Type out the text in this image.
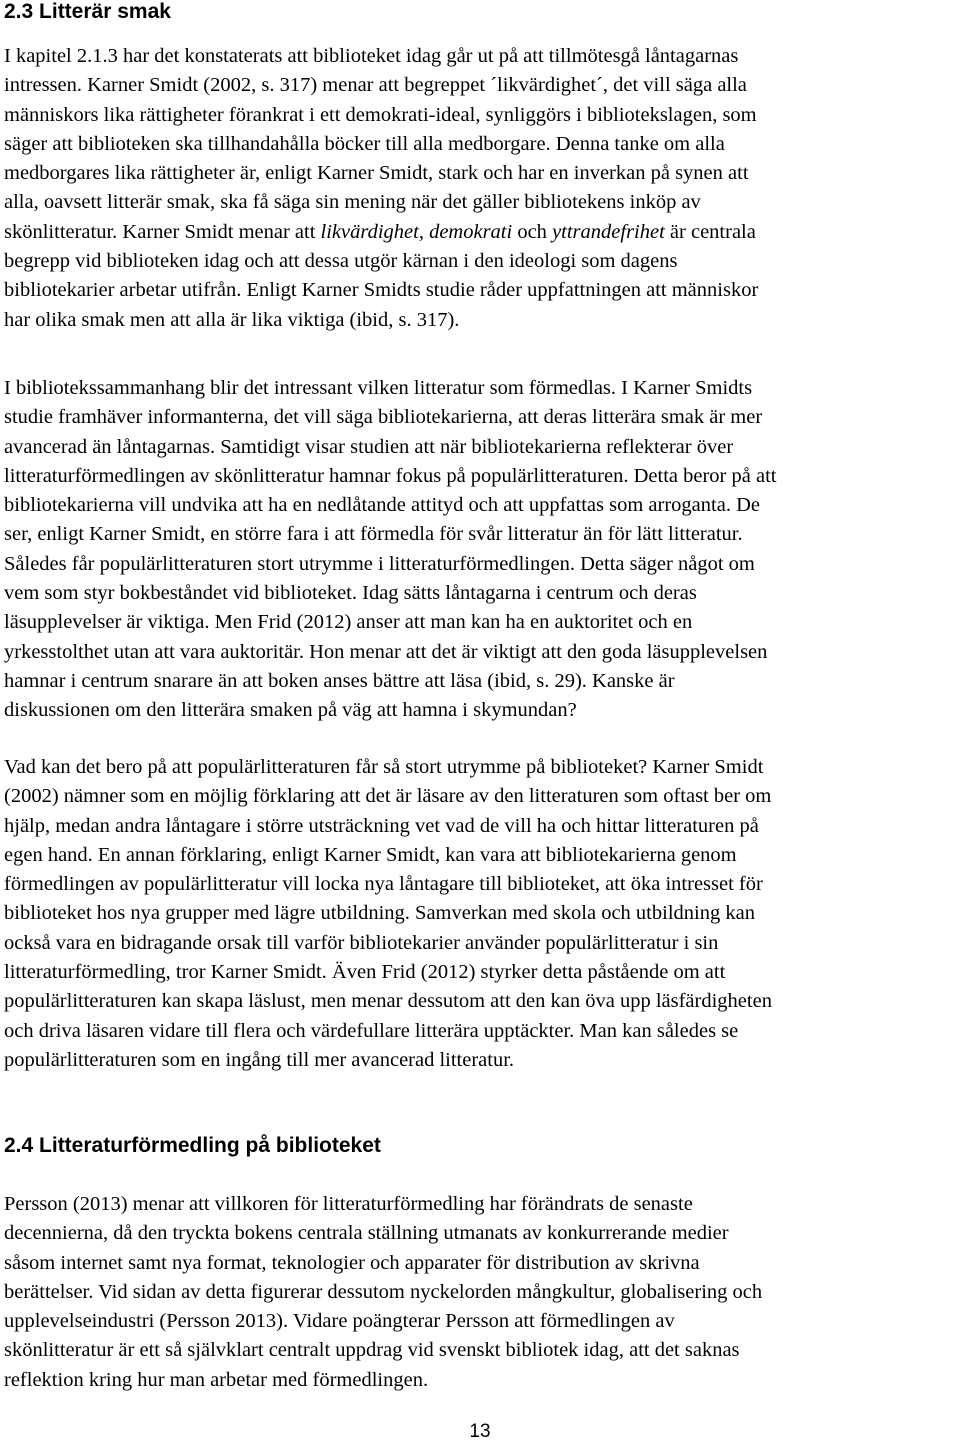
2.3 Litterär smak

I kapitel 2.1.3 har det konstaterats att biblioteket idag går ut på att tillmötesgå låntagarnas
intressen. Karner Smidt (2002, s. 317) menar att begreppet ´likvärdighet´, det vill säga alla
människors lika rättigheter förankrat i ett demokrati-ideal, synliggörs i bibliotekslagen, som
säger att biblioteken ska tillhandahålla böcker till alla medborgare. Denna tanke om alla
medborgares lika rättigheter är, enligt Karner Smidt, stark och har en inverkan på synen att
alla, oavsett litterär smak, ska få säga sin mening när det gäller bibliotekens inköp av
skönlitteratur. Karner Smidt menar att likvärdighet, demokrati och yttrandefrihet är centrala
begrepp vid biblioteken idag och att dessa utgör kärnan i den ideologi som dagens
bibliotekarier arbetar utifrån. Enligt Karner Smidts studie råder uppfattningen att människor
har olika smak men att alla är lika viktiga (ibid, s. 317).

I bibliotekssammanhang blir det intressant vilken litteratur som förmedlas. I Karner Smidts
studie framhäver informanterna, det vill säga bibliotekarierna, att deras litterära smak är mer
avancerad än låntagarnas. Samtidigt visar studien att när bibliotekarierna reflekterar över
litteraturförmedlingen av skönlitteratur hamnar fokus på populärlitteraturen. Detta beror på att
bibliotekarierna vill undvika att ha en nedlåtande attityd och att uppfattas som arroganta. De
ser, enligt Karner Smidt, en större fara i att förmedla för svår litteratur än för lätt litteratur.
Således får populärlitteraturen stort utrymme i litteraturförmedlingen. Detta säger något om
vem som styr bokbeståndet vid biblioteket. Idag sätts låntagarna i centrum och deras
läsupplevelser är viktiga. Men Frid (2012) anser att man kan ha en auktoritet och en
yrkesstolthet utan att vara auktoritär. Hon menar att det är viktigt att den goda läsupplevelsen
hamnar i centrum snarare än att boken anses bättre att läsa (ibid, s. 29). Kanske är
diskussionen om den litterära smaken på väg att hamna i skymundan?

Vad kan det bero på att populärlitteraturen får så stort utrymme på biblioteket? Karner Smidt
(2002) nämner som en möjlig förklaring att det är läsare av den litteraturen som oftast ber om
hjälp, medan andra låntagare i större utsträckning vet vad de vill ha och hittar litteraturen på
egen hand. En annan förklaring, enligt Karner Smidt, kan vara att bibliotekarierna genom
förmedlingen av populärlitteratur vill locka nya låntagare till biblioteket, att öka intresset för
biblioteket hos nya grupper med lägre utbildning. Samverkan med skola och utbildning kan
också vara en bidragande orsak till varför bibliotekarier använder populärlitteratur i sin
litteraturförmedling, tror Karner Smidt. Även Frid (2012) styrker detta påstående om att
populärlitteraturen kan skapa läslust, men menar dessutom att den kan öva upp läsfärdigheten
och driva läsaren vidare till flera och värdefullare litterära upptäckter. Man kan således se
populärlitteraturen som en ingång till mer avancerad litteratur.

2.4 Litteraturförmedling på biblioteket

Persson (2013) menar att villkoren för litteraturförmedling har förändrats de senaste
decennierna, då den tryckta bokens centrala ställning utmanats av konkurrerande medier
såsom internet samt nya format, teknologier och apparater för distribution av skrivna
berättelser. Vid sidan av detta figurerar dessutom nyckelorden mångkultur, globalisering och
upplevelseindustri (Persson 2013). Vidare poängterar Persson att förmedlingen av
skönlitteratur är ett så självklart centralt uppdrag vid svenskt bibliotek idag, att det saknas
reflektion kring hur man arbetar med förmedlingen.

13
